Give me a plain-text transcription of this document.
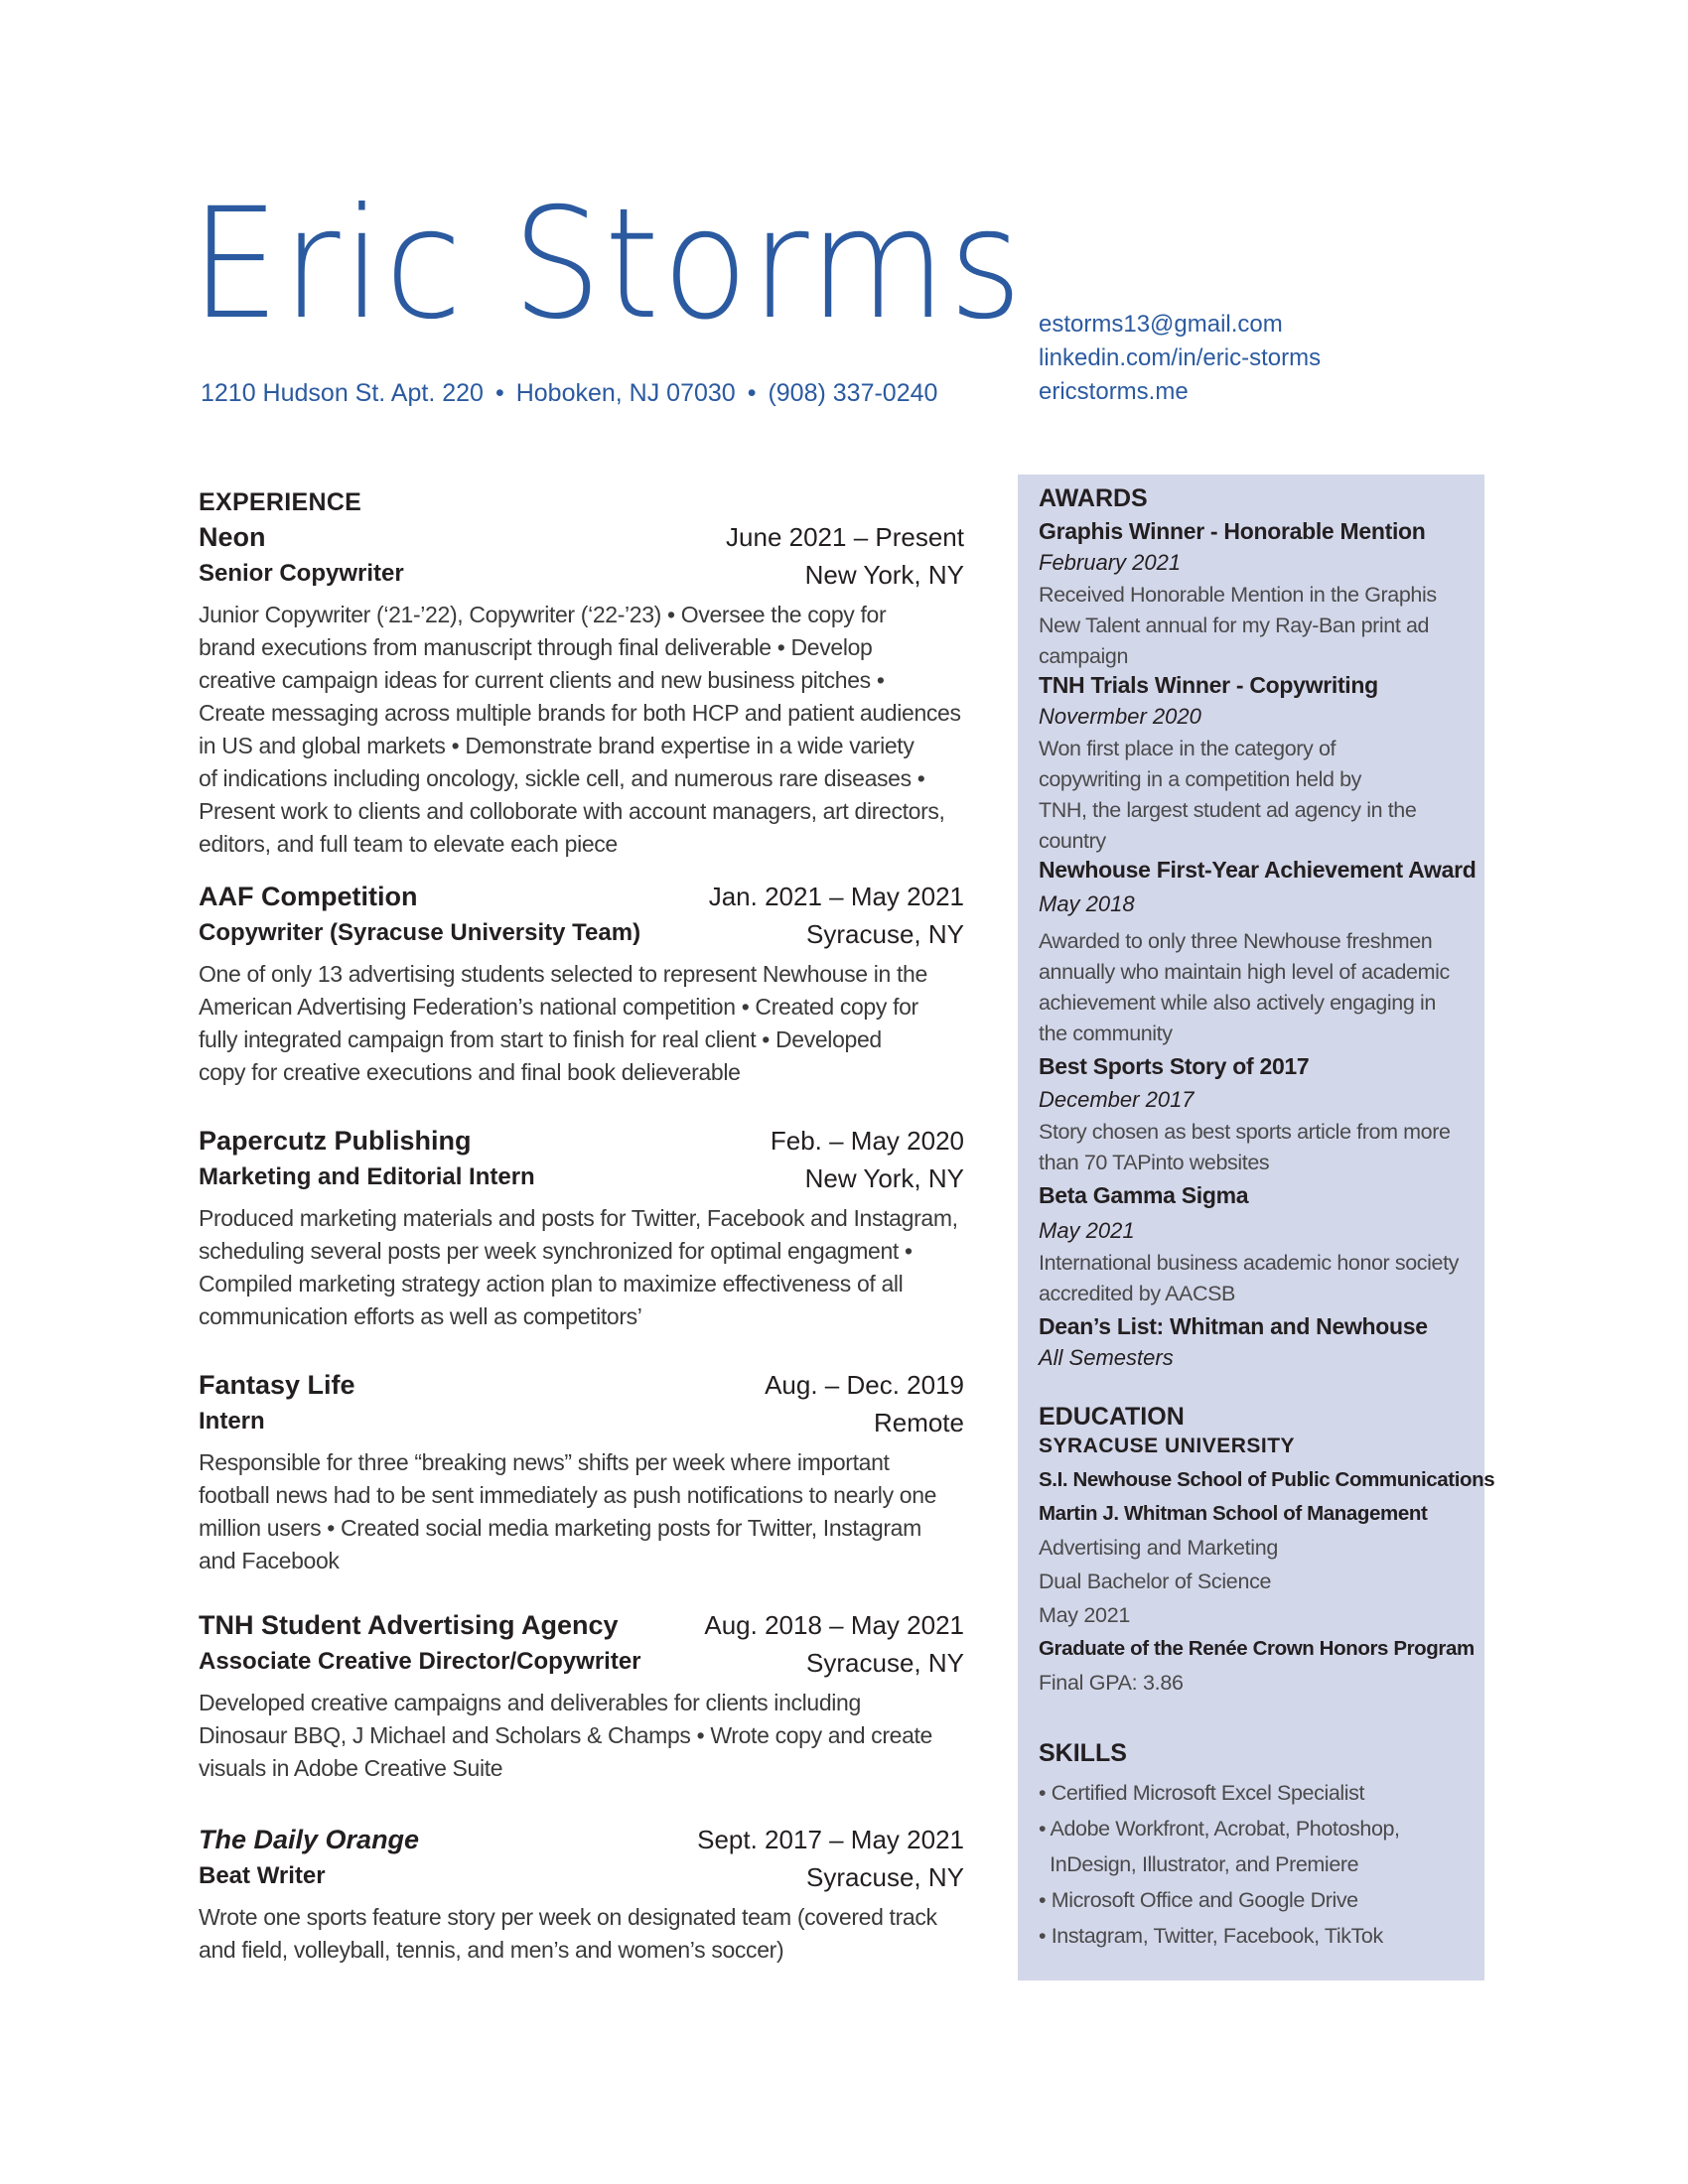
Eric Storms
1210 Hudson St. Apt. 220 • Hoboken, NJ 07030 • (908) 337-0240
estorms13@gmail.com
linkedin.com/in/eric-storms
ericstorms.me
EXPERIENCE
Neon	June 2021 – Present
Senior Copywriter	New York, NY
Junior Copywriter (‘21-’22), Copywriter (‘22-’23) • Oversee the copy for
brand executions from manuscript through final deliverable • Develop
creative campaign ideas for current clients and new business pitches •
Create messaging across multiple brands for both HCP and patient audiences
in US and global markets • Demonstrate brand expertise in a wide variety
of indications including oncology, sickle cell, and numerous rare diseases •
Present work to clients and colloborate with account managers, art directors,
editors, and full team to elevate each piece
AAF Competition	Jan. 2021 – May 2021
Copywriter (Syracuse University Team)	Syracuse, NY
One of only 13 advertising students selected to represent Newhouse in the
American Advertising Federation’s national competition • Created copy for
fully integrated campaign from start to finish for real client • Developed
copy for creative executions and final book delieverable
Papercutz Publishing	Feb. – May 2020
Marketing and Editorial Intern	New York, NY
Produced marketing materials and posts for Twitter, Facebook and Instagram,
scheduling several posts per week synchronized for optimal engagment •
Compiled marketing strategy action plan to maximize effectiveness of all
communication efforts as well as competitors’
Fantasy Life	Aug. – Dec. 2019
Intern	Remote
Responsible for three “breaking news” shifts per week where important
football news had to be sent immediately as push notifications to nearly one
million users • Created social media marketing posts for Twitter, Instagram
and Facebook
TNH Student Advertising Agency	Aug. 2018 – May 2021
Associate Creative Director/Copywriter	Syracuse, NY
Developed creative campaigns and deliverables for clients including
Dinosaur BBQ, J Michael and Scholars & Champs • Wrote copy and create
visuals in Adobe Creative Suite
The Daily Orange	Sept. 2017 – May 2021
Beat Writer	Syracuse, NY
Wrote one sports feature story per week on designated team (covered track
and field, volleyball, tennis, and men’s and women’s soccer)
AWARDS
Graphis Winner - Honorable Mention
February 2021
Received Honorable Mention in the Graphis
New Talent annual for my Ray-Ban print ad
campaign
TNH Trials Winner - Copywriting
Novermber 2020
Won first place in the category of
copywriting in a competition held by
TNH, the largest student ad agency in the
country
Newhouse First-Year Achievement Award
May 2018
Awarded to only three Newhouse freshmen
annually who maintain high level of academic
achievement while also actively engaging in
the community
Best Sports Story of 2017
December 2017
Story chosen as best sports article from more
than 70 TAPinto websites
Beta Gamma Sigma
May 2021
International business academic honor society
accredited by AACSB
Dean’s List: Whitman and Newhouse
All Semesters
EDUCATION
SYRACUSE UNIVERSITY
S.I. Newhouse School of Public Communications
Martin J. Whitman School of Management
Advertising and Marketing
Dual Bachelor of Science
May 2021
Graduate of the Renée Crown Honors Program
Final GPA: 3.86
SKILLS
• Certified Microsoft Excel Specialist
• Adobe Workfront, Acrobat, Photoshop,
InDesign, Illustrator, and Premiere
• Microsoft Office and Google Drive
• Instagram, Twitter, Facebook, TikTok
